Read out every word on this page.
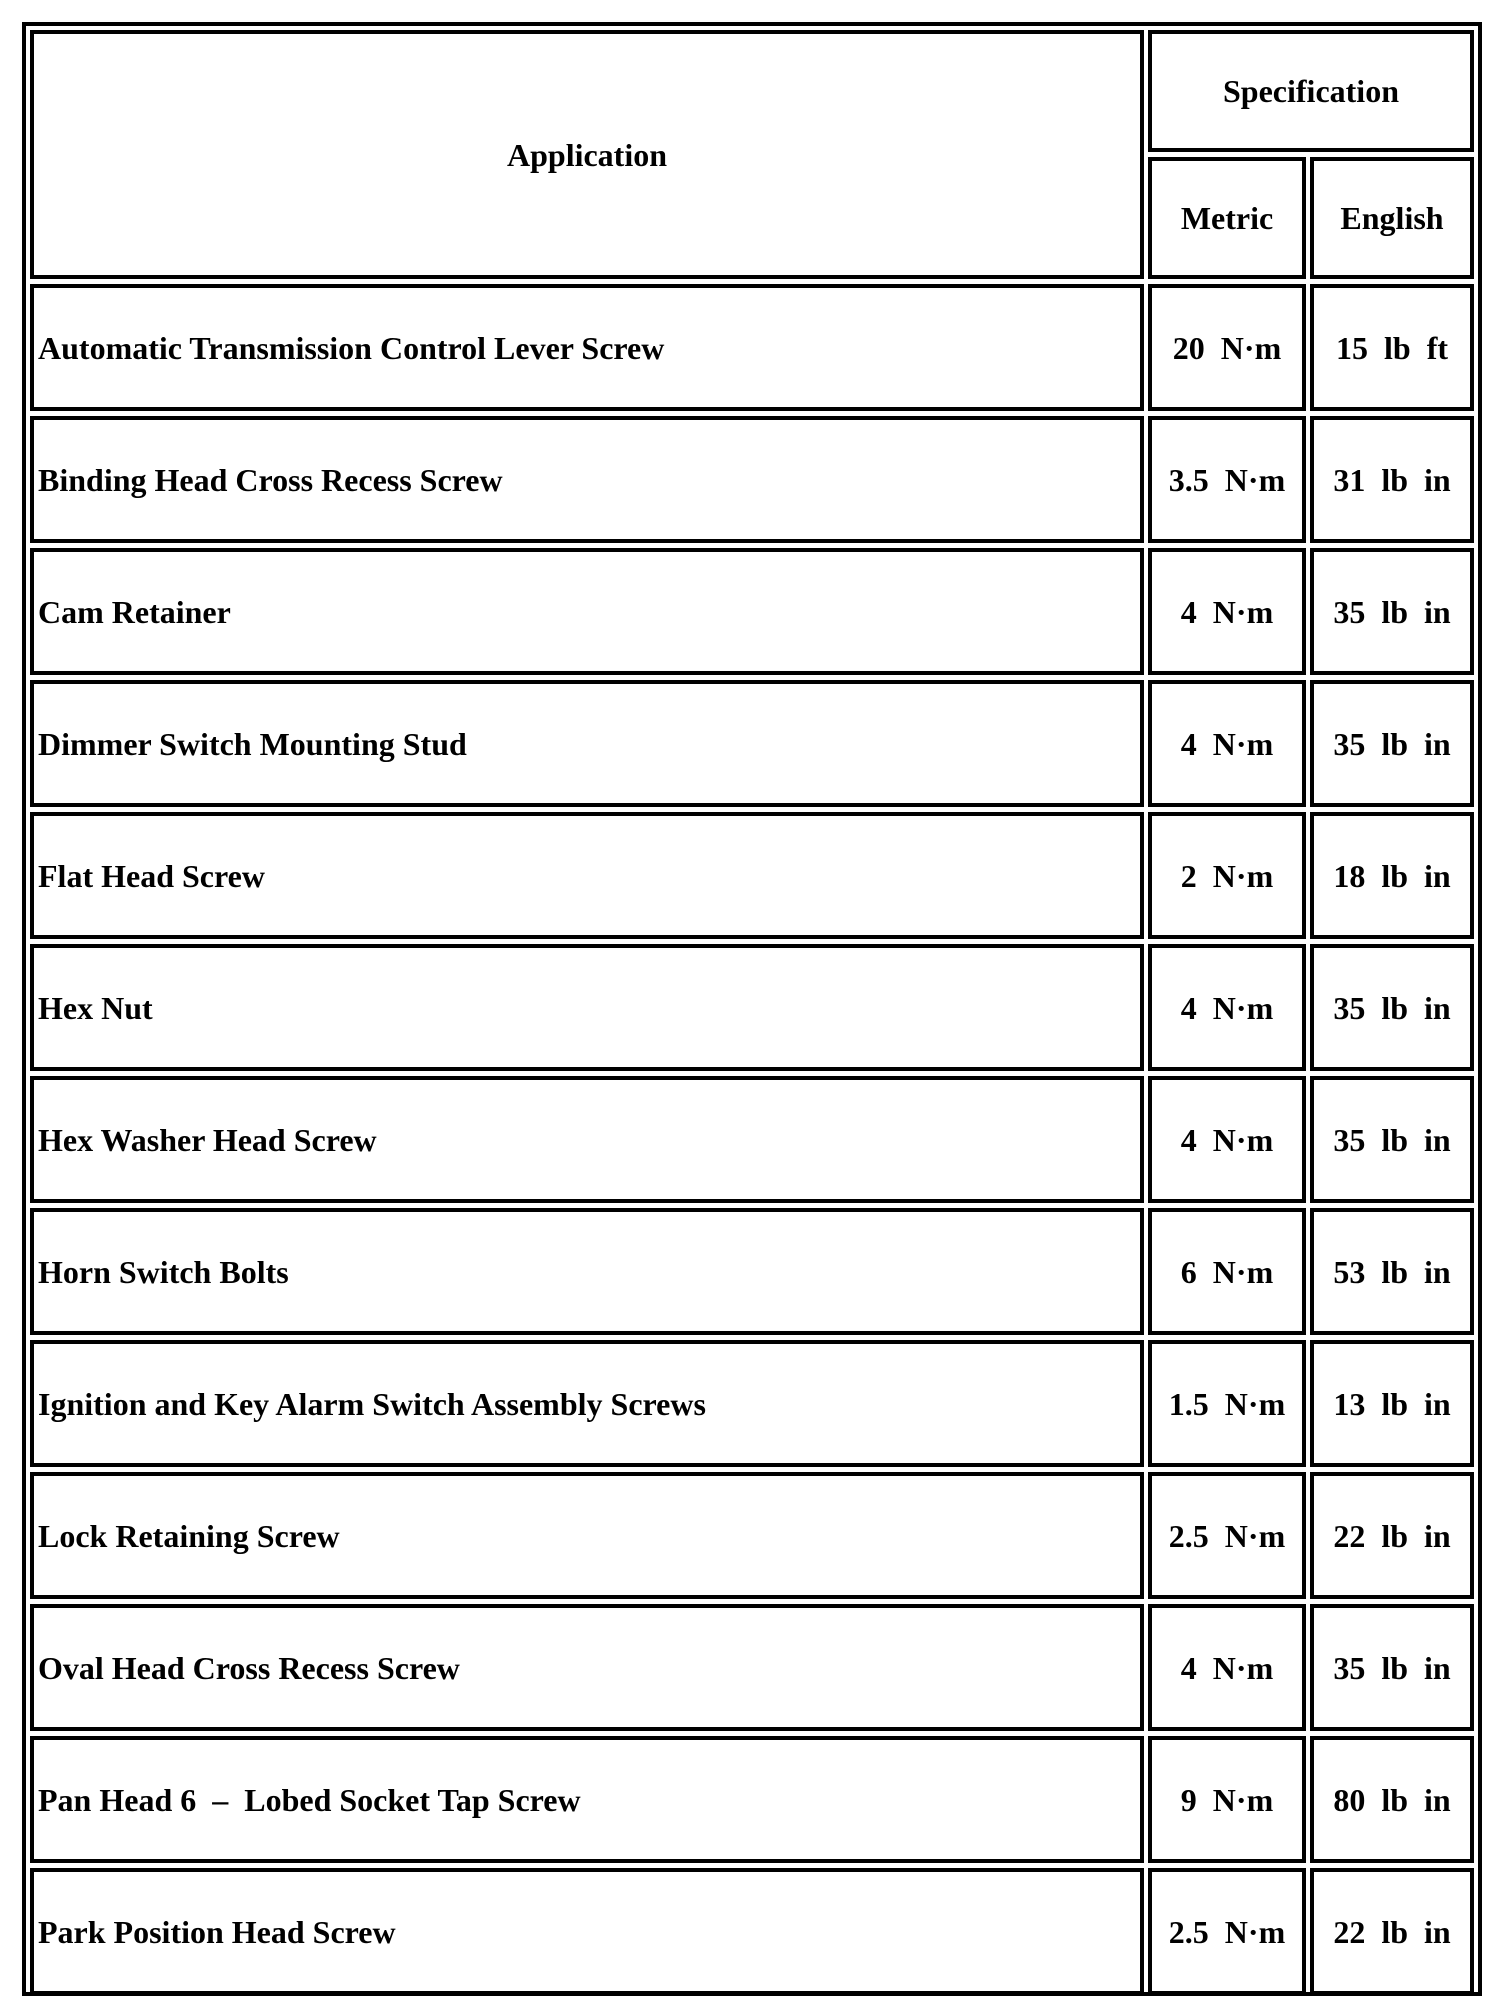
Application
Specification
Metric English
Automatic Transmission Control Lever Screw	20  N·m 15  lb  ft
Binding Head Cross Recess Screw	3.5  N·m 31  lb  in
Cam Retainer	4  N·m 35  lb  in
Dimmer Switch Mounting Stud	4  N·m 35  lb  in
Flat Head Screw	2  N·m 18  lb  in
Hex Nut	4  N·m 35  lb  in
Hex Washer Head Screw	4  N·m 35  lb  in
Horn Switch Bolts	6  N·m 53  lb  in
Ignition and Key Alarm Switch Assembly Screws	1.5  N·m 13  lb  in
Lock Retaining Screw	2.5  N·m 22  lb  in
Oval Head Cross Recess Screw	4  N·m 35  lb  in
Pan Head 6  –  Lobed Socket Tap Screw	9  N·m 80  lb  in
Park Position Head Screw	2.5  N·m 22  lb  in
